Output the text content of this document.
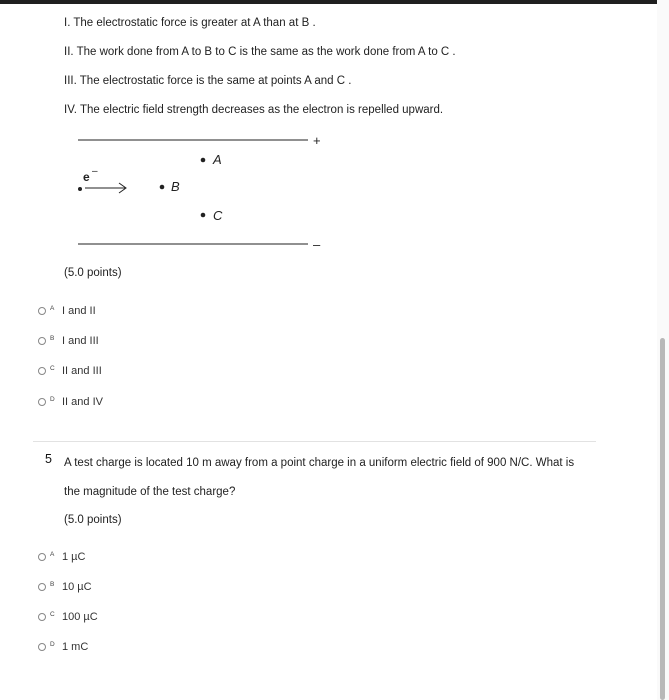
I. The electrostatic force is greater at A than at B .
II. The work done from A to B to C is the same as the work done from A to C .
III. The electrostatic force is the same at points A and C .
IV. The electric field strength decreases as the electron is repelled upward.
+
–
e –
A
B
C
(5.0 points)
A I and II
B I and III
C II and III
D II and IV
5 A test charge is located 10 m away from a point charge in a uniform electric field of 900 N/C. What is
the magnitude of the test charge?
(5.0 points)
A 1 µC
B 10 µC
C 100 µC
D 1 mC
